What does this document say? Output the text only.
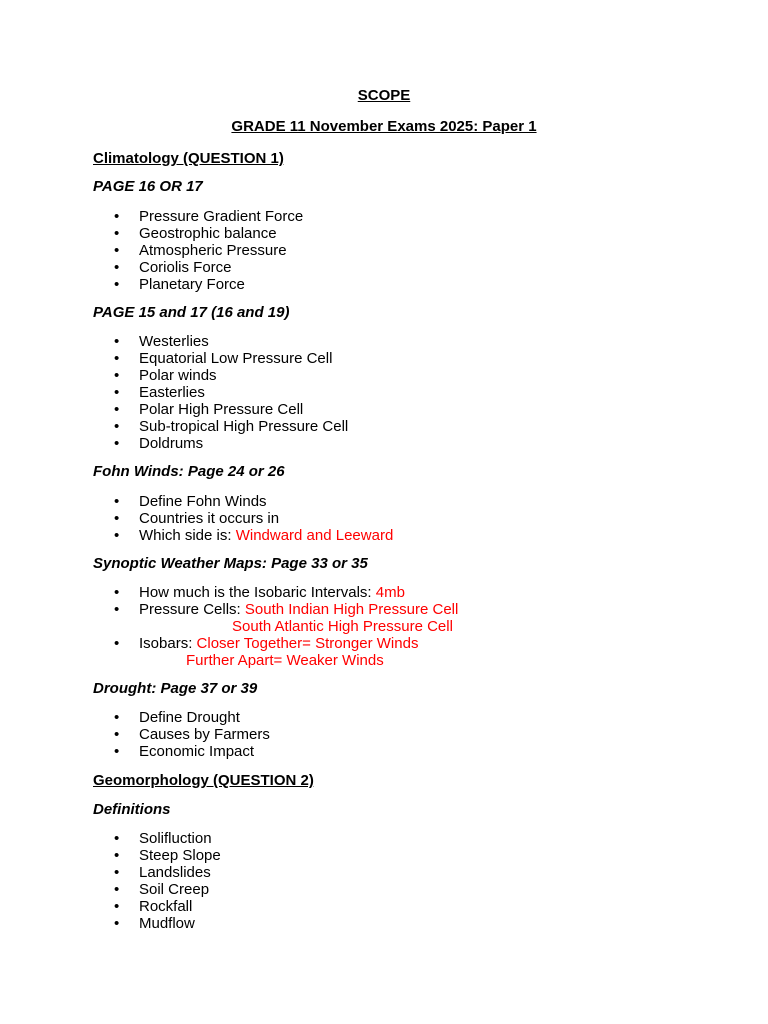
SCOPE
GRADE 11 November Exams 2025: Paper 1
Climatology (QUESTION 1)
PAGE 16 OR 17
• Pressure Gradient Force
• Geostrophic balance
• Atmospheric Pressure
• Coriolis Force
• Planetary Force
PAGE 15 and 17 (16 and 19)
• Westerlies
• Equatorial Low Pressure Cell
• Polar winds
• Easterlies
• Polar High Pressure Cell
• Sub-tropical High Pressure Cell
• Doldrums
Fohn Winds: Page 24 or 26
• Define Fohn Winds
• Countries it occurs in
• Which side is: Windward and Leeward
Synoptic Weather Maps: Page 33 or 35
• How much is the Isobaric Intervals: 4mb
• Pressure Cells: South Indian High Pressure Cell
South Atlantic High Pressure Cell
• Isobars: Closer Together= Stronger Winds
Further Apart= Weaker Winds
Drought: Page 37 or 39
• Define Drought
• Causes by Farmers
• Economic Impact
Geomorphology (QUESTION 2)
Definitions
• Solifluction
• Steep Slope
• Landslides
• Soil Creep
• Rockfall
• Mudflow
